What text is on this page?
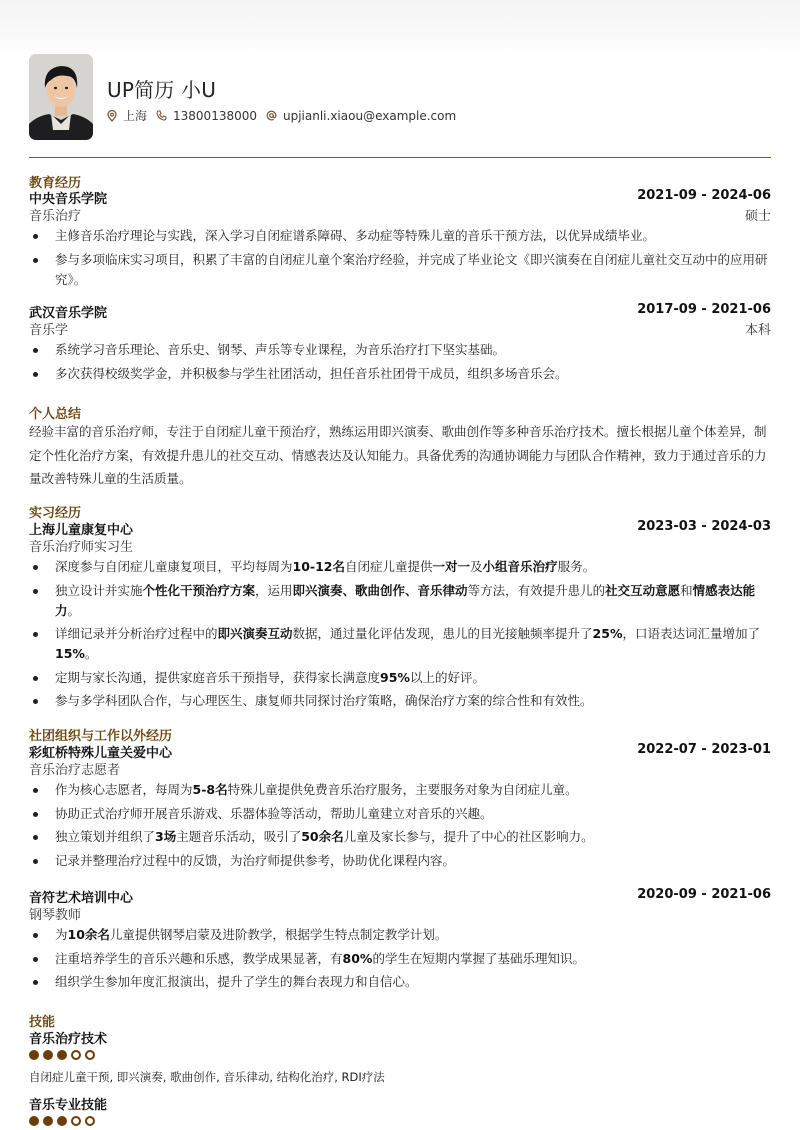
UP简历 小U
上海 13800138000 upjianli.xiaou@example.com
教育经历
中央音乐学院	2021-09 - 2024-06
音乐治疗	硕士
主修音乐治疗理论与实践，深入学习自闭症谱系障碍、多动症等特殊儿童的音乐干预方法，以优异成绩毕业。
参与多项临床实习项目，积累了丰富的自闭症儿童个案治疗经验，并完成了毕业论文《即兴演奏在自闭症儿童社交互动中的应用研究》。
武汉音乐学院	2017-09 - 2021-06
音乐学	本科
系统学习音乐理论、音乐史、钢琴、声乐等专业课程，为音乐治疗打下坚实基础。
多次获得校级奖学金，并积极参与学生社团活动，担任音乐社团骨干成员，组织多场音乐会。
个人总结
经验丰富的音乐治疗师，专注于自闭症儿童干预治疗，熟练运用即兴演奏、歌曲创作等多种音乐治疗技术。擅长根据儿童个体差异，制定个性化治疗方案，有效提升患儿的社交互动、情感表达及认知能力。具备优秀的沟通协调能力与团队合作精神，致力于通过音乐的力量改善特殊儿童的生活质量。
实习经历
上海儿童康复中心	2023-03 - 2024-03
音乐治疗师实习生
深度参与自闭症儿童康复项目，平均每周为10-12名自闭症儿童提供一对一及小组音乐治疗服务。
独立设计并实施个性化干预治疗方案，运用即兴演奏、歌曲创作、音乐律动等方法，有效提升患儿的社交互动意愿和情感表达能力。
详细记录并分析治疗过程中的即兴演奏互动数据，通过量化评估发现，患儿的目光接触频率提升了25%，口语表达词汇量增加了15%。
定期与家长沟通，提供家庭音乐干预指导，获得家长满意度95%以上的好评。
参与多学科团队合作，与心理医生、康复师共同探讨治疗策略，确保治疗方案的综合性和有效性。
社团组织与工作以外经历
彩虹桥特殊儿童关爱中心	2022-07 - 2023-01
音乐治疗志愿者
作为核心志愿者，每周为5-8名特殊儿童提供免费音乐治疗服务，主要服务对象为自闭症儿童。
协助正式治疗师开展音乐游戏、乐器体验等活动，帮助儿童建立对音乐的兴趣。
独立策划并组织了3场主题音乐活动，吸引了50余名儿童及家长参与，提升了中心的社区影响力。
记录并整理治疗过程中的反馈，为治疗师提供参考，协助优化课程内容。
音符艺术培训中心	2020-09 - 2021-06
钢琴教师
为10余名儿童提供钢琴启蒙及进阶教学，根据学生特点制定教学计划。
注重培养学生的音乐兴趣和乐感，教学成果显著，有80%的学生在短期内掌握了基础乐理知识。
组织学生参加年度汇报演出，提升了学生的舞台表现力和自信心。
技能
音乐治疗技术
自闭症儿童干预, 即兴演奏, 歌曲创作, 音乐律动, 结构化治疗, RDI疗法
音乐专业技能
